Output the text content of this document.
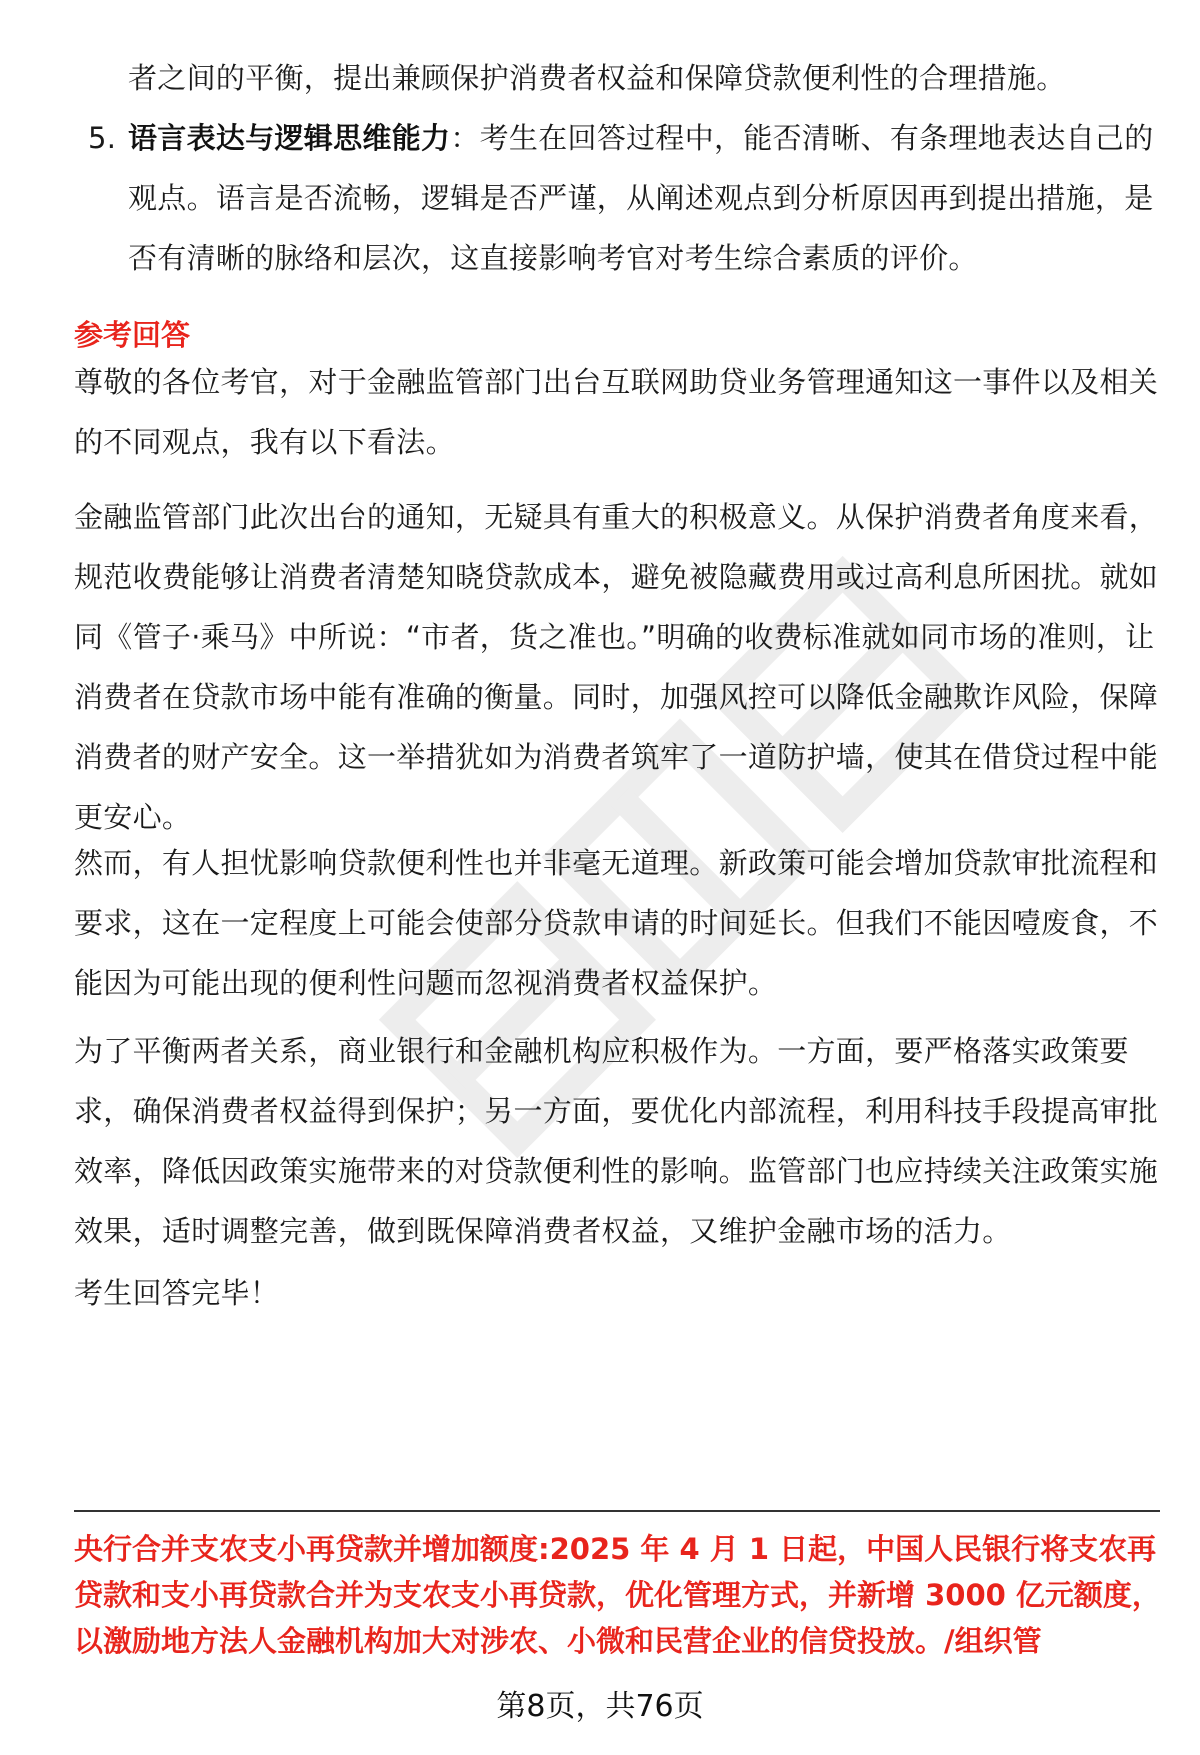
者之间的平衡，提出兼顾保护消费者权益和保障贷款便利性的合理措施。
5. 语言表达与逻辑思维能力：考生在回答过程中，能否清晰、有条理地表达自己的观点。语言是否流畅，逻辑是否严谨，从阐述观点到分析原因再到提出措施，是否有清晰的脉络和层次，这直接影响考官对考生综合素质的评价。
参考回答
尊敬的各位考官，对于金融监管部门出台互联网助贷业务管理通知这一事件以及相关的不同观点，我有以下看法。
金融监管部门此次出台的通知，无疑具有重大的积极意义。从保护消费者角度来看，规范收费能够让消费者清楚知晓贷款成本，避免被隐藏费用或过高利息所困扰。就如同《管子·乘马》中所说：“市者，货之准也。”明确的收费标准就如同市场的准则，让消费者在贷款市场中能有准确的衡量。同时，加强风控可以降低金融欺诈风险，保障消费者的财产安全。这一举措犹如为消费者筑牢了一道防护墙，使其在借贷过程中能更安心。
然而，有人担忧影响贷款便利性也并非毫无道理。新政策可能会增加贷款审批流程和要求，这在一定程度上可能会使部分贷款申请的时间延长。但我们不能因噎废食，不能因为可能出现的便利性问题而忽视消费者权益保护。
为了平衡两者关系，商业银行和金融机构应积极作为。一方面，要严格落实政策要求，确保消费者权益得到保护；另一方面，要优化内部流程，利用科技手段提高审批效率，降低因政策实施带来的对贷款便利性的影响。监管部门也应持续关注政策实施效果，适时调整完善，做到既保障消费者权益，又维护金融市场的活力。
考生回答完毕！
央行合并支农支小再贷款并增加额度:2025 年 4 月 1 日起，中国人民银行将支农再贷款和支小再贷款合并为支农支小再贷款，优化管理方式，并新增 3000 亿元额度，以激励地方法人金融机构加大对涉农、小微和民营企业的信贷投放。/组织管
第8页，共76页
